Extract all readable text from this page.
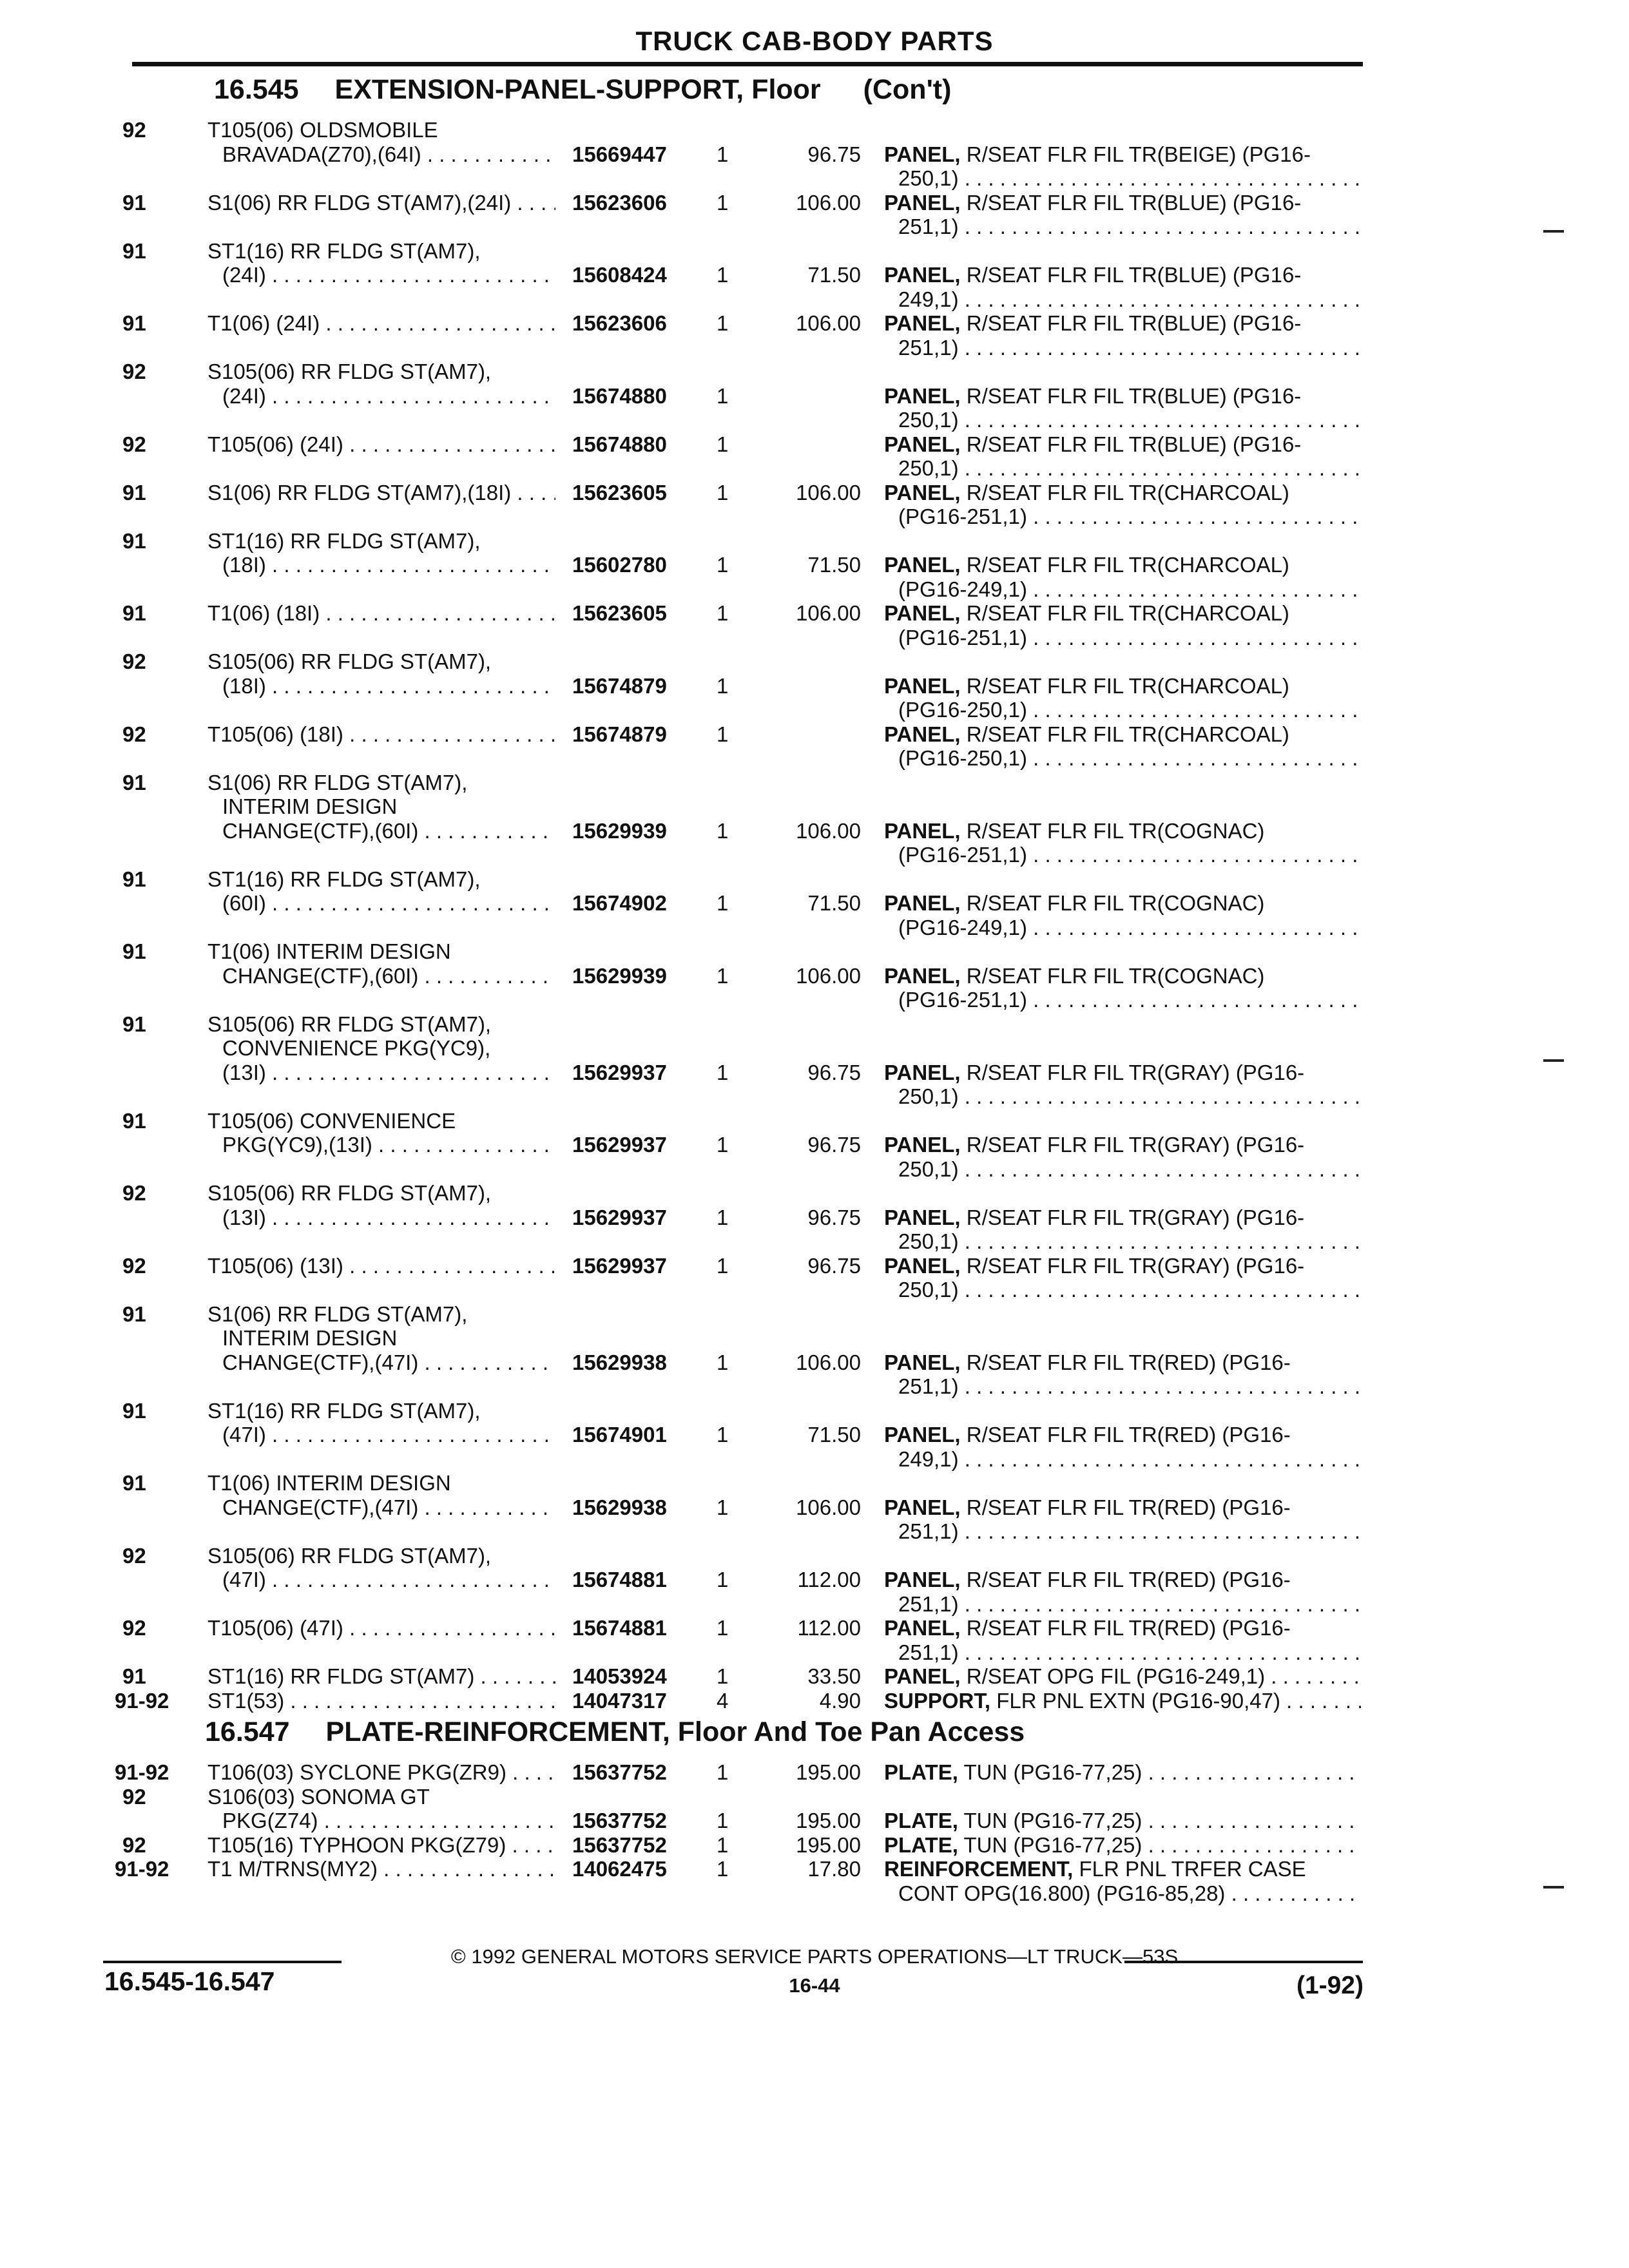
TRUCK CAB-BODY PARTS
16.545 EXTENSION-PANEL-SUPPORT, Floor (Con't)
92	T105(06) OLDSMOBILE
BRAVADA(Z70),(64I) . . .	15669447 1	96.75 PANEL, R/SEAT FLR FIL TR(BEIGE) (PG16-
250,1) . . .
91	S1(06) RR FLDG ST(AM7),(24I) . . .	15623606 1	106.00 PANEL, R/SEAT FLR FIL TR(BLUE) (PG16-
251,1) . . .
91	ST1(16) RR FLDG ST(AM7),
(24I) . . .	15608424 1	71.50 PANEL, R/SEAT FLR FIL TR(BLUE) (PG16-
249,1) . . .
91	T1(06) (24I) . . .	15623606 1	106.00 PANEL, R/SEAT FLR FIL TR(BLUE) (PG16-
251,1) . . .
92	S105(06) RR FLDG ST(AM7),
(24I) . . .	15674880 1	PANEL, R/SEAT FLR FIL TR(BLUE) (PG16-
250,1) . . .
92	T105(06) (24I) . . .	15674880 1	PANEL, R/SEAT FLR FIL TR(BLUE) (PG16-
250,1) . . .
91	S1(06) RR FLDG ST(AM7),(18I) . . .	15623605 1	106.00 PANEL, R/SEAT FLR FIL TR(CHARCOAL)
(PG16-251,1) . . .
91	ST1(16) RR FLDG ST(AM7),
(18I) . . .	15602780 1	71.50 PANEL, R/SEAT FLR FIL TR(CHARCOAL)
(PG16-249,1) . . .
91	T1(06) (18I) . . .	15623605 1	106.00 PANEL, R/SEAT FLR FIL TR(CHARCOAL)
(PG16-251,1) . . .
92	S105(06) RR FLDG ST(AM7),
(18I) . . .	15674879 1	PANEL, R/SEAT FLR FIL TR(CHARCOAL)
(PG16-250,1) . . .
92	T105(06) (18I) . . .	15674879 1	PANEL, R/SEAT FLR FIL TR(CHARCOAL)
(PG16-250,1) . . .
91	S1(06) RR FLDG ST(AM7),
INTERIM DESIGN
CHANGE(CTF),(60I) . . .	15629939 1	106.00 PANEL, R/SEAT FLR FIL TR(COGNAC)
(PG16-251,1) . . .
91	ST1(16) RR FLDG ST(AM7),
(60I) . . .	15674902 1	71.50 PANEL, R/SEAT FLR FIL TR(COGNAC)
(PG16-249,1) . . .
91	T1(06) INTERIM DESIGN
CHANGE(CTF),(60I) . . .	15629939 1	106.00 PANEL, R/SEAT FLR FIL TR(COGNAC)
(PG16-251,1) . . .
91	S105(06) RR FLDG ST(AM7),
CONVENIENCE PKG(YC9),
(13I) . . .	15629937 1	96.75 PANEL, R/SEAT FLR FIL TR(GRAY) (PG16-
250,1) . . .
91	T105(06) CONVENIENCE
PKG(YC9),(13I) . . .	15629937 1	96.75 PANEL, R/SEAT FLR FIL TR(GRAY) (PG16-
250,1) . . .
92	S105(06) RR FLDG ST(AM7),
(13I) . . .	15629937 1	96.75 PANEL, R/SEAT FLR FIL TR(GRAY) (PG16-
250,1) . . .
92	T105(06) (13I) . . .	15629937 1	96.75 PANEL, R/SEAT FLR FIL TR(GRAY) (PG16-
250,1) . . .
91	S1(06) RR FLDG ST(AM7),
INTERIM DESIGN
CHANGE(CTF),(47I) . . .	15629938 1	106.00 PANEL, R/SEAT FLR FIL TR(RED) (PG16-
251,1) . . .
91	ST1(16) RR FLDG ST(AM7),
(47I) . . .	15674901 1	71.50 PANEL, R/SEAT FLR FIL TR(RED) (PG16-
249,1) . . .
91	T1(06) INTERIM DESIGN
CHANGE(CTF),(47I) . . .	15629938 1	106.00 PANEL, R/SEAT FLR FIL TR(RED) (PG16-
251,1) . . .
92	S105(06) RR FLDG ST(AM7),
(47I) . . .	15674881 1	112.00 PANEL, R/SEAT FLR FIL TR(RED) (PG16-
251,1) . . .
92	T105(06) (47I) . . .	15674881 1	112.00 PANEL, R/SEAT FLR FIL TR(RED) (PG16-
251,1) . . .
91	ST1(16) RR FLDG ST(AM7) . . .	14053924 1	33.50 PANEL, R/SEAT OPG FIL (PG16-249,1) . . .
91-92 ST1(53) . . .	14047317 4	4.90 SUPPORT, FLR PNL EXTN (PG16-90,47) . . .
16.547 PLATE-REINFORCEMENT, Floor And Toe Pan Access
91-92 T106(03) SYCLONE PKG(ZR9) . . .	15637752 1	195.00 PLATE, TUN (PG16-77,25) . . .
92	S106(03) SONOMA GT
PKG(Z74) . . .	15637752 1	195.00 PLATE, TUN (PG16-77,25) . . .
92	T105(16) TYPHOON PKG(Z79) . . .	15637752 1	195.00 PLATE, TUN (PG16-77,25) . . .
91-92 T1 M/TRNS(MY2) . . .	14062475 1	17.80 REINFORCEMENT, FLR PNL TRFER CASE
CONT OPG(16.800) (PG16-85,28) . . .
© 1992 GENERAL MOTORS SERVICE PARTS OPERATIONS—LT TRUCK—53S
16.545-16.547	16-44	(1-92)
